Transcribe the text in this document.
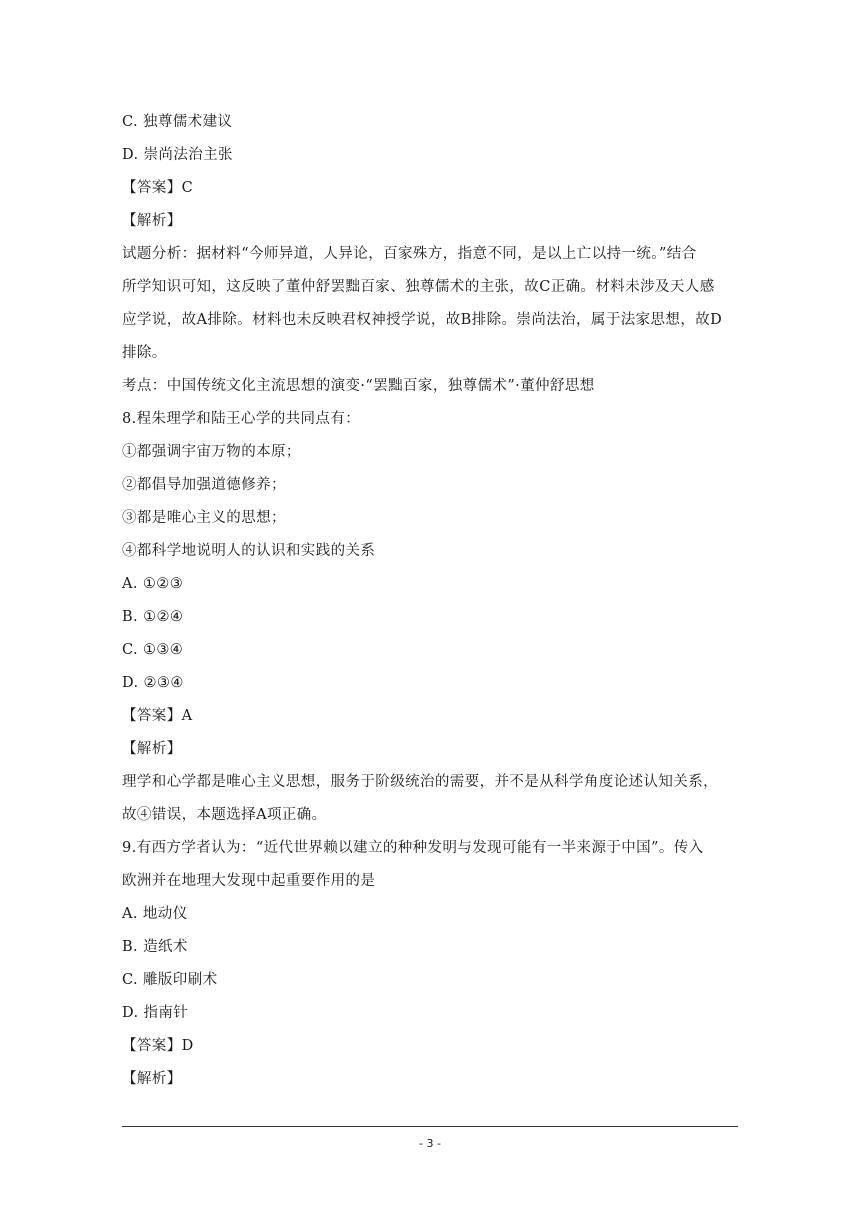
C. 独尊儒术建议
D. 崇尚法治主张
【答案】C
【解析】
试题分析：据材料“今师异道，人异论，百家殊方，指意不同，是以上亡以持一统。”结合
所学知识可知，这反映了董仲舒罢黜百家、独尊儒术的主张，故C正确。材料未涉及天人感
应学说，故A排除。材料也未反映君权神授学说，故B排除。崇尚法治，属于法家思想，故D
排除。
考点：中国传统文化主流思想的演变·“罢黜百家，独尊儒术”·董仲舒思想
8.程朱理学和陆王心学的共同点有：
①都强调宇宙万物的本原；
②都倡导加强道德修养；
③都是唯心主义的思想；
④都科学地说明人的认识和实践的关系
A. ①②③
B. ①②④
C. ①③④
D. ②③④
【答案】A
【解析】
理学和心学都是唯心主义思想，服务于阶级统治的需要，并不是从科学角度论述认知关系，
故④错误，本题选择A项正确。
9.有西方学者认为：“近代世界赖以建立的种种发明与发现可能有一半来源于中国”。传入
欧洲并在地理大发现中起重要作用的是
A. 地动仪
B. 造纸术
C. 雕版印刷术
D. 指南针
【答案】D
【解析】
- 3 -
